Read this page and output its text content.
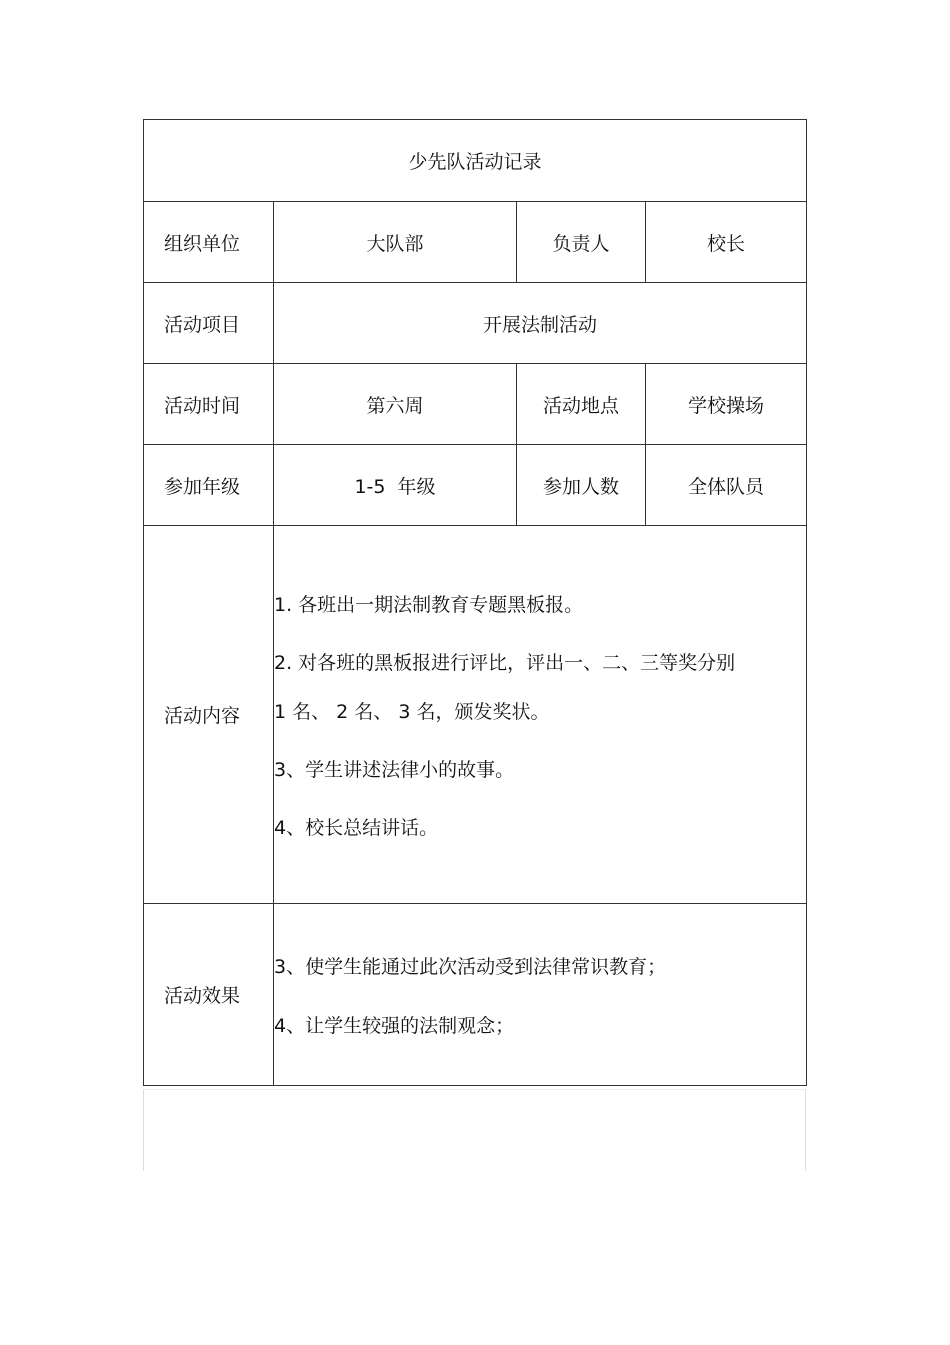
少先队活动记录			
组织单位	大队部	负责人	校长
活动项目	开展法制活动		
活动时间	第六周	活动地点	学校操场
参加年级	1-5  年级	参加人数	全体队员
活动内容	1. 各班出一期法制教育专题黑板报。
2. 对各班的黑板报进行评比，评出一、二、三等奖分别
1 名、 2 名、 3 名，颁发奖状。
3、学生讲述法律小的故事。
4、校长总结讲话。		

活动效果	3、使学生能通过此次活动受到法律常识教育；
4、让学生较强的法制观念；		
